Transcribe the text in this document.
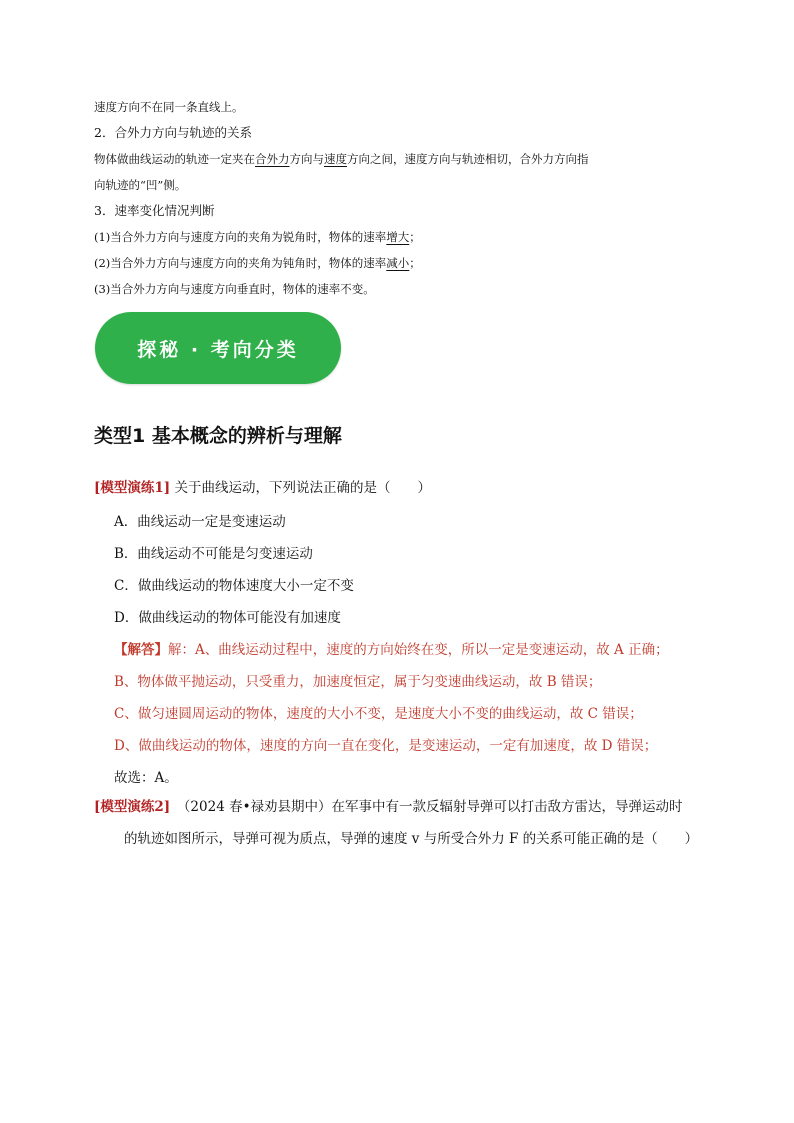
速度方向不在同一条直线上。
2．合外力方向与轨迹的关系
物体做曲线运动的轨迹一定夹在合外力方向与速度方向之间，速度方向与轨迹相切，合外力方向指
向轨迹的“凹”侧。
3．速率变化情况判断
(1)当合外力方向与速度方向的夹角为锐角时，物体的速率增大；
(2)当合外力方向与速度方向的夹角为钝角时，物体的速率减小；
(3)当合外力方向与速度方向垂直时，物体的速率不变。
探秘 · 考向分类
类型1 基本概念的辨析与理解
[模型演练1] 关于曲线运动，下列说法正确的是（　　）
A．曲线运动一定是变速运动
B．曲线运动不可能是匀变速运动
C．做曲线运动的物体速度大小一定不变
D．做曲线运动的物体可能没有加速度
【解答】解：A、曲线运动过程中，速度的方向始终在变，所以一定是变速运动，故 A 正确；
B、物体做平抛运动，只受重力，加速度恒定，属于匀变速曲线运动，故 B 错误；
C、做匀速圆周运动的物体，速度的大小不变，是速度大小不变的曲线运动，故 C 错误；
D、做曲线运动的物体，速度的方向一直在变化，是变速运动，一定有加速度，故 D 错误；
故选：A。
[模型演练2]　（2024 春•禄劝县期中）在军事中有一款反辐射导弹可以打击敌方雷达，导弹运动时
的轨迹如图所示，导弹可视为质点，导弹的速度 v 与所受合外力 F 的关系可能正确的是（　　）
